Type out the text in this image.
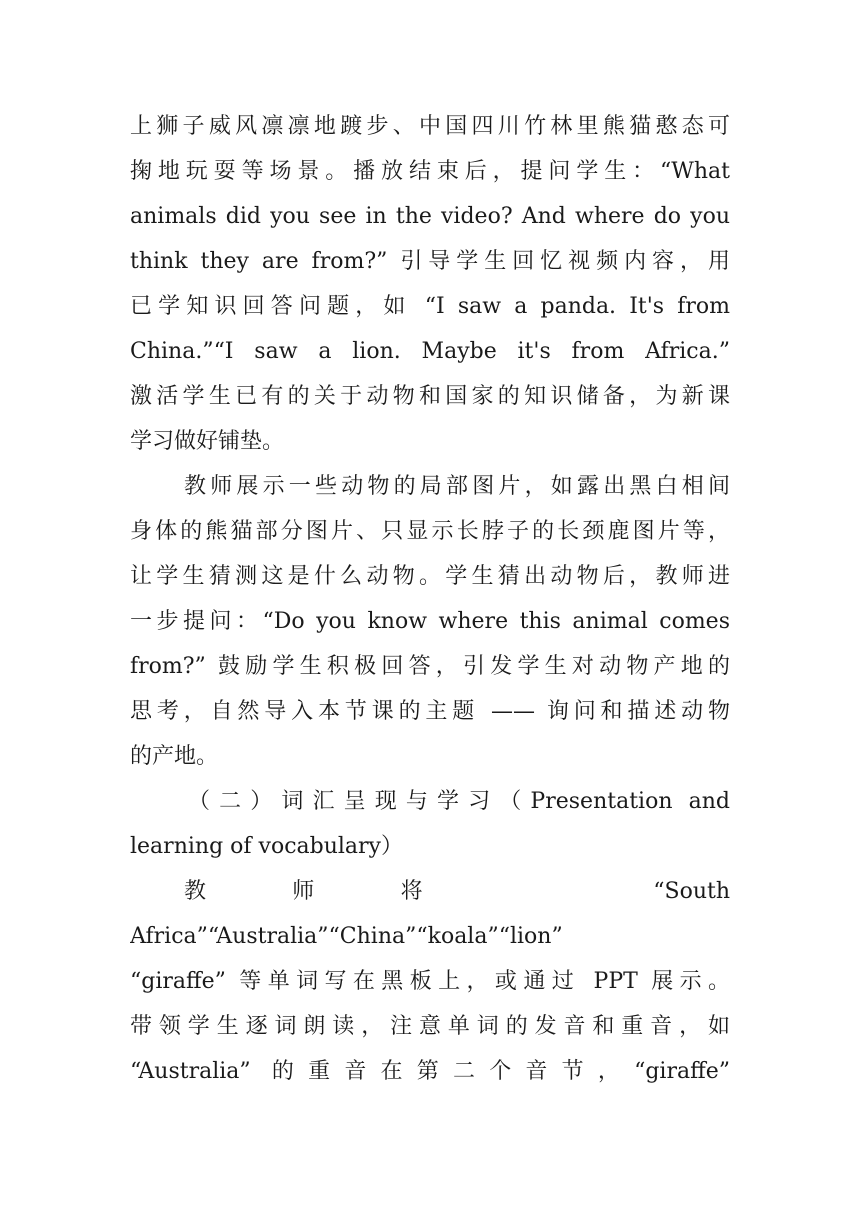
上狮子威风凛凛地踱步、中国四川竹林里熊猫憨态可
掬地玩耍等场景。播放结束后，提问学生：“What
animals did you see in the video? And where do you
think they are from?” 引导学生回忆视频内容，用
已学知识回答问题，如 “I saw a panda. It's from
China.”“I saw a lion. Maybe it's from Africa.”
激活学生已有的关于动物和国家的知识储备，为新课
学习做好铺垫。
教师展示一些动物的局部图片，如露出黑白相间
身体的熊猫部分图片、只显示长脖子的长颈鹿图片等，
让学生猜测这是什么动物。学生猜出动物后，教师进
一步提问：“Do you know where this animal comes
from?” 鼓励学生积极回答，引发学生对动物产地的
思考，自然导入本节课的主题 —— 询问和描述动物
的产地。
（二）词汇呈现与学习（Presentation and
learning of vocabulary）
教　　师　　将　　　　　　“South
Africa”“Australia”“China”“koala”“lion”
“giraffe” 等单词写在黑板上，或通过 PPT 展示。
带领学生逐词朗读，注意单词的发音和重音，如
“Australia” 的重音在第二个音节，“giraffe”
